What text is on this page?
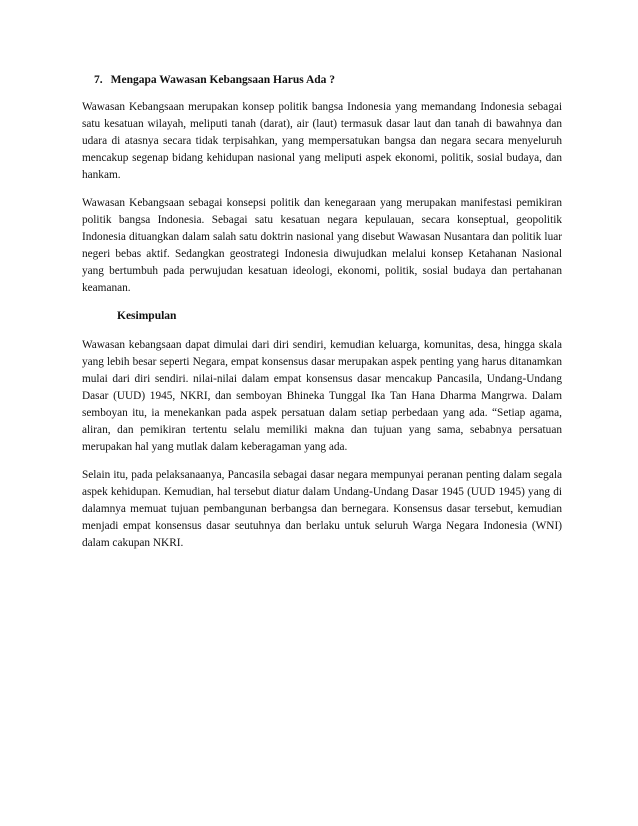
7. Mengapa Wawasan Kebangsaan Harus Ada ?

Wawasan Kebangsaan merupakan konsep politik bangsa Indonesia yang memandang Indonesia sebagai satu kesatuan wilayah, meliputi tanah (darat), air (laut) termasuk dasar laut dan tanah di bawahnya dan udara di atasnya secara tidak terpisahkan, yang mempersatukan bangsa dan negara secara menyeluruh mencakup segenap bidang kehidupan nasional yang meliputi aspek ekonomi, politik, sosial budaya, dan hankam.

Wawasan Kebangsaan sebagai konsepsi politik dan kenegaraan yang merupakan manifestasi pemikiran politik bangsa Indonesia. Sebagai satu kesatuan negara kepulauan, secara konseptual, geopolitik Indonesia dituangkan dalam salah satu doktrin nasional yang disebut Wawasan Nusantara dan politik luar negeri bebas aktif. Sedangkan geostrategi Indonesia diwujudkan melalui konsep Ketahanan Nasional yang bertumbuh pada perwujudan kesatuan ideologi, ekonomi, politik, sosial budaya dan pertahanan keamanan.

Kesimpulan

Wawasan kebangsaan dapat dimulai dari diri sendiri, kemudian keluarga, komunitas, desa, hingga skala yang lebih besar seperti Negara, empat konsensus dasar merupakan aspek penting yang harus ditanamkan mulai dari diri sendiri. nilai-nilai dalam empat konsensus dasar mencakup Pancasila, Undang-Undang Dasar (UUD) 1945, NKRI, dan semboyan Bhineka Tunggal Ika Tan Hana Dharma Mangrwa. Dalam semboyan itu, ia menekankan pada aspek persatuan dalam setiap perbedaan yang ada. “Setiap agama, aliran, dan pemikiran tertentu selalu memiliki makna dan tujuan yang sama, sebabnya persatuan merupakan hal yang mutlak dalam keberagaman yang ada.

Selain itu, pada pelaksanaanya, Pancasila sebagai dasar negara mempunyai peranan penting dalam segala aspek kehidupan. Kemudian, hal tersebut diatur dalam Undang-Undang Dasar 1945 (UUD 1945) yang di dalamnya memuat tujuan pembangunan berbangsa dan bernegara. Konsensus dasar tersebut, kemudian menjadi empat konsensus dasar seutuhnya dan berlaku untuk seluruh Warga Negara Indonesia (WNI) dalam cakupan NKRI.
